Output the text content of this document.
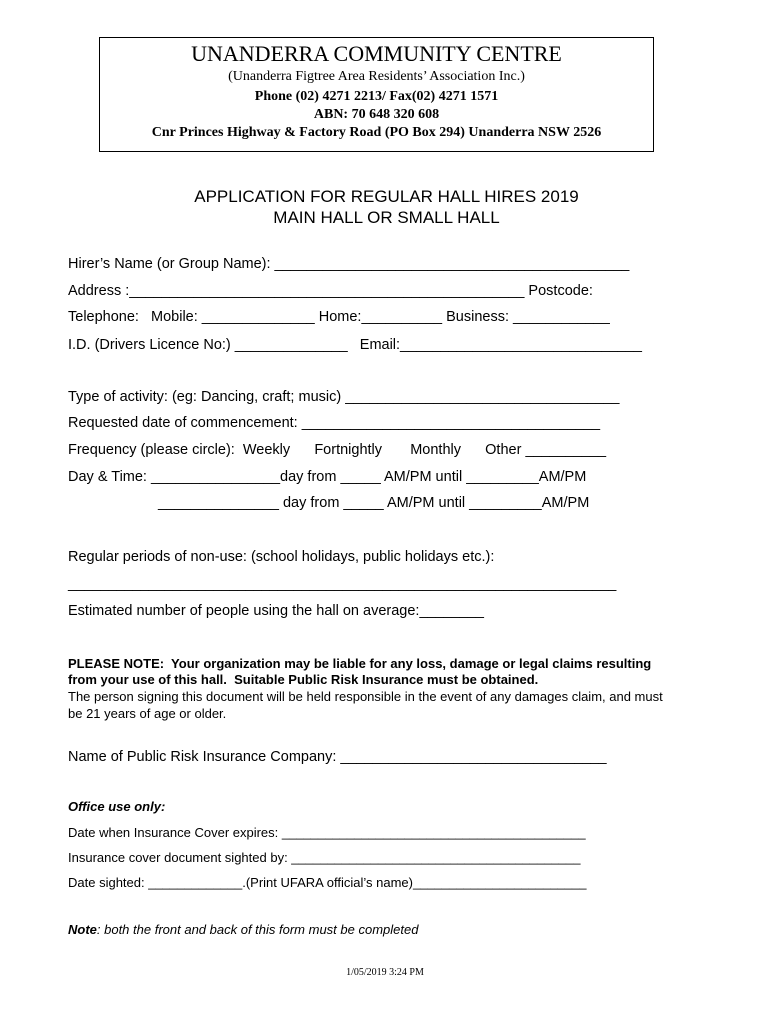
UNANDERRA COMMUNITY CENTRE
(Unanderra Figtree Area Residents’ Association Inc.)
Phone (02) 4271 2213/ Fax(02) 4271 1571
ABN: 70 648 320 608
Cnr Princes Highway & Factory Road (PO Box 294) Unanderra NSW 2526
APPLICATION FOR REGULAR HALL HIRES 2019
MAIN HALL OR SMALL HALL
Hirer’s Name (or Group Name): ____________________________________________
Address :_________________________________________________ Postcode:
Telephone:   Mobile: ______________ Home:__________ Business: ____________
I.D. (Drivers Licence No:) ______________   Email:______________________________
Type of activity: (eg: Dancing, craft; music) __________________________________
Requested date of commencement: _____________________________________
Frequency (please circle):  Weekly      Fortnightly       Monthly      Other __________
Day & Time: ________________day from _____ AM/PM until _________AM/PM
_______________ day from _____ AM/PM until _________AM/PM
Regular periods of non-use: (school holidays, public holidays etc.):
____________________________________________________________________
Estimated number of people using the hall on average:________
PLEASE NOTE:  Your organization may be liable for any loss, damage or legal claims resulting
from your use of this hall.  Suitable Public Risk Insurance must be obtained.
The person signing this document will be held responsible in the event of any damages claim, and must
be 21 years of age or older.
Name of Public Risk Insurance Company: _________________________________
Office use only:
Date when Insurance Cover expires: __________________________________________
Insurance cover document sighted by: ________________________________________
Date sighted: _____________.(Print UFARA official’s name)________________________
Note: both the front and back of this form must be completed
1/05/2019 3:24 PM
